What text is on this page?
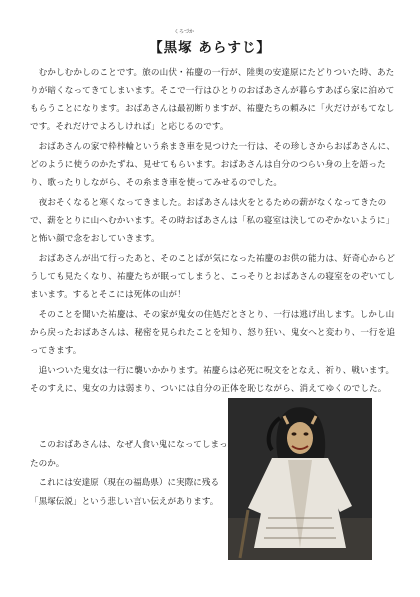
くろづか
【黒塚 あらすじ】

むかしむかしのことです。旅の山伏・祐慶の一行が、陸奥の安達原にたどりついた時、あたりが暗くなってきてしまいます。そこで一行はひとりのおばあさんが暮らすあばら家に泊めてもらうことになります。おばあさんは最初断りますが、祐慶たちの頼みに「火だけがもてなしです。それだけでよろしければ」と応じるのです。

おばあさんの家で枠桛輪という糸まき車を見つけた一行は、その珍しさからおばあさんに、どのように使うのかたずね、見せてもらいます。おばあさんは自分のつらい身の上を語ったり、歌ったりしながら、その糸まき車を使ってみせるのでした。

夜おそくなると寒くなってきました。おばあさんは火をとるための薪がなくなってきたので、薪をとりに山へむかいます。その時おばあさんは「私の寝室は決してのぞかないように」と怖い顔で念をおしていきます。

おばあさんが出て行ったあと、そのことばが気になった祐慶のお供の能力は、好奇心からどうしても見たくなり、祐慶たちが眠ってしまうと、こっそりとおばあさんの寝室をのぞいてしまいます。するとそこには死体の山が！

そのことを聞いた祐慶は、その家が鬼女の住処だとさとり、一行は逃げ出します。しかし山から戻ったおばあさんは、秘密を見られたことを知り、怒り狂い、鬼女へと変わり、一行を追ってきます。

追いついた鬼女は一行に襲いかかります。祐慶らは必死に呪文をとなえ、祈り、戦います。そのすえに、鬼女の力は弱まり、ついには自分の正体を恥じながら、消えてゆくのでした。

このおばあさんは、なぜ人食い鬼になってしまったのか。

これには安達原（現在の福島県）に実際に残る「黒塚伝説」という悲しい言い伝えがあります。
